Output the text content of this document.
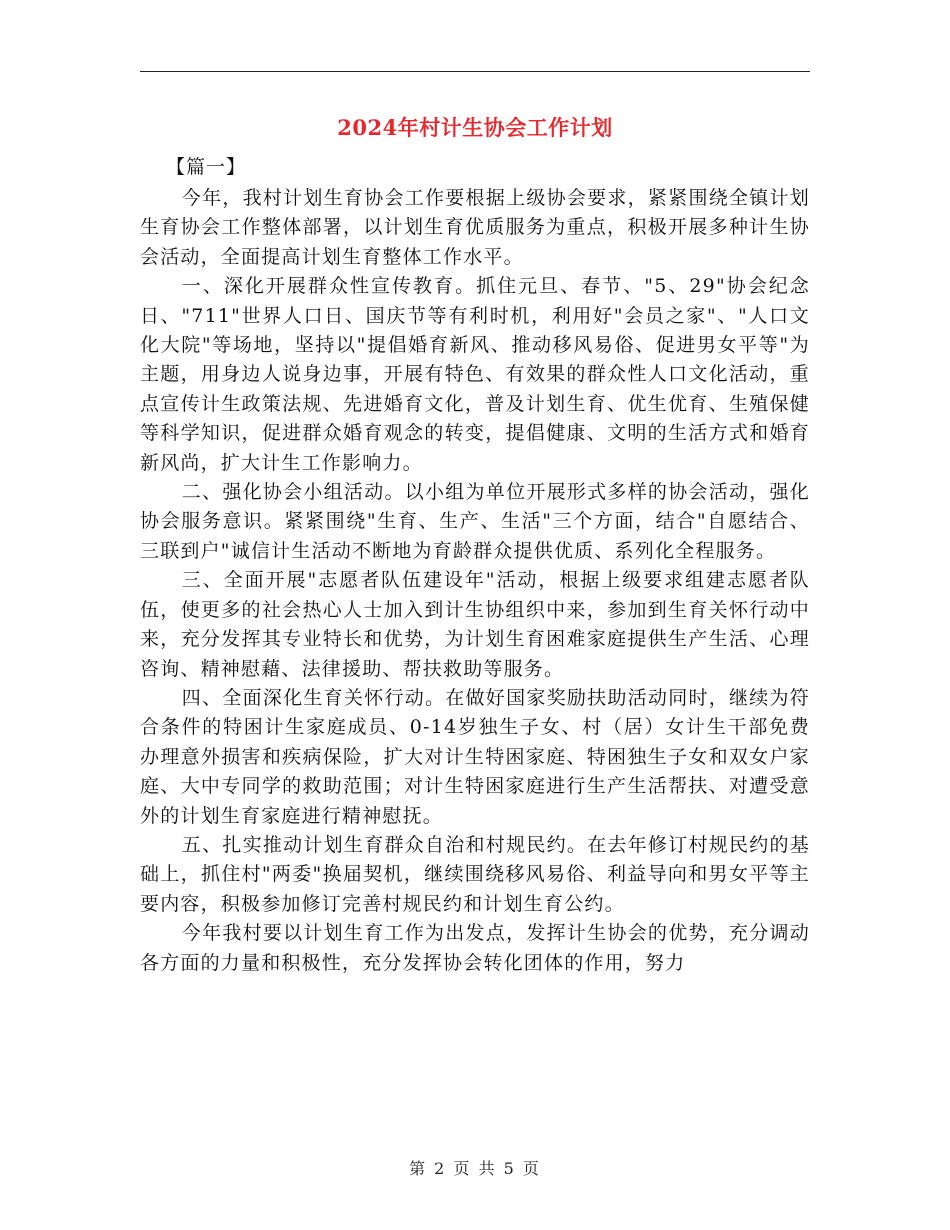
2024年村计生协会工作计划
【篇一】

今年，我村计划生育协会工作要根据上级协会要求，紧紧围绕全镇计划生育协会工作整体部署，以计划生育优质服务为重点，积极开展多种计生协会活动，全面提高计划生育整体工作水平。

一、深化开展群众性宣传教育。抓住元旦、春节、"5、29"协会纪念日、"711"世界人口日、国庆节等有利时机，利用好"会员之家"、"人口文化大院"等场地，坚持以"提倡婚育新风、推动移风易俗、促进男女平等"为主题，用身边人说身边事，开展有特色、有效果的群众性人口文化活动，重点宣传计生政策法规、先进婚育文化，普及计划生育、优生优育、生殖保健等科学知识，促进群众婚育观念的转变，提倡健康、文明的生活方式和婚育新风尚，扩大计生工作影响力。

二、强化协会小组活动。以小组为单位开展形式多样的协会活动，强化协会服务意识。紧紧围绕"生育、生产、生活"三个方面，结合"自愿结合、三联到户"诚信计生活动不断地为育龄群众提供优质、系列化全程服务。

三、全面开展"志愿者队伍建设年"活动，根据上级要求组建志愿者队伍，使更多的社会热心人士加入到计生协组织中来，参加到生育关怀行动中来，充分发挥其专业特长和优势，为计划生育困难家庭提供生产生活、心理咨询、精神慰藉、法律援助、帮扶救助等服务。

四、全面深化生育关怀行动。在做好国家奖励扶助活动同时，继续为符合条件的特困计生家庭成员、0-14岁独生子女、村（居）女计生干部免费办理意外损害和疾病保险，扩大对计生特困家庭、特困独生子女和双女户家庭、大中专同学的救助范围；对计生特困家庭进行生产生活帮扶、对遭受意外的计划生育家庭进行精神慰抚。

五、扎实推动计划生育群众自治和村规民约。在去年修订村规民约的基础上，抓住村"两委"换届契机，继续围绕移风易俗、利益导向和男女平等主要内容，积极参加修订完善村规民约和计划生育公约。

今年我村要以计划生育工作为出发点，发挥计生协会的优势，充分调动各方面的力量和积极性，充分发挥协会转化团体的作用，努力

第 2 页 共 5 页
